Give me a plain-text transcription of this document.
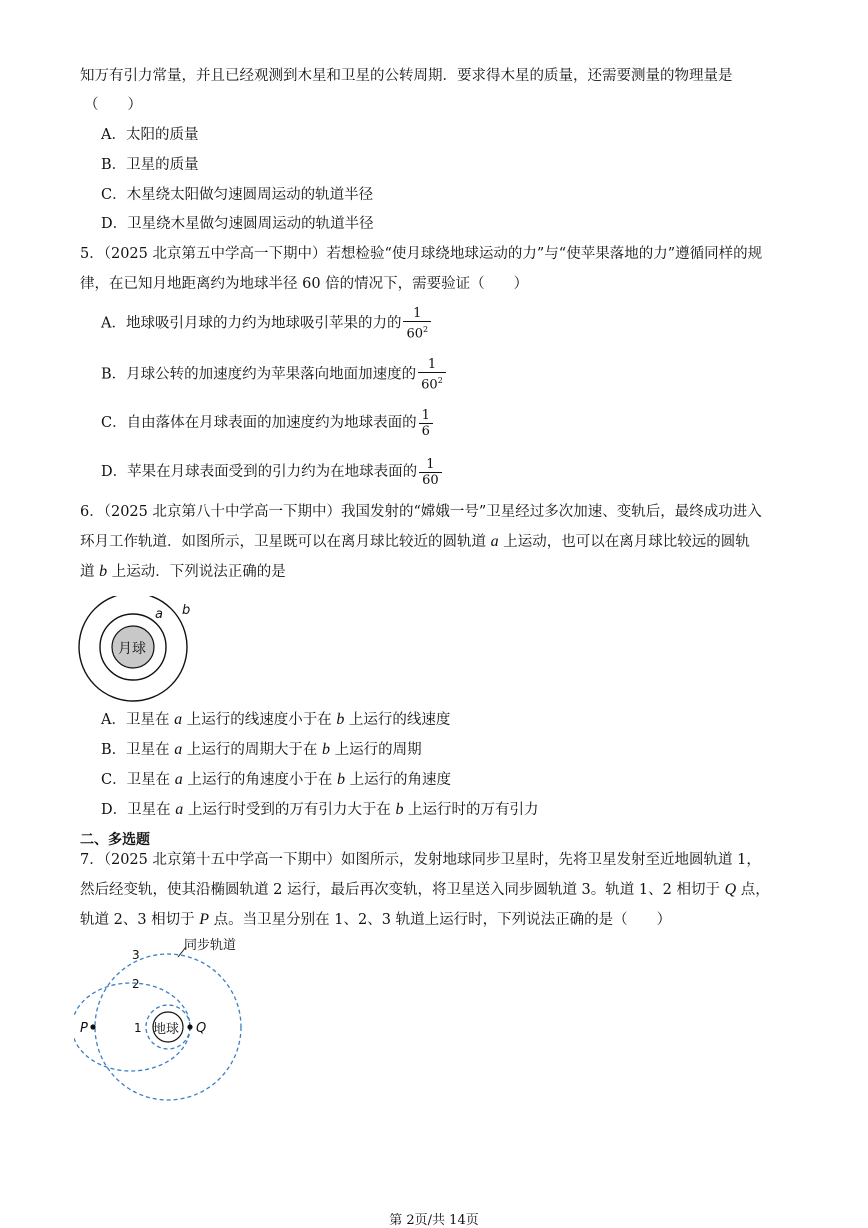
知万有引力常量，并且已经观测到木星和卫星的公转周期．要求得木星的质量，还需要测量的物理量是
（　　）
A．太阳的质量
B．卫星的质量
C．木星绕太阳做匀速圆周运动的轨道半径
D．卫星绕木星做匀速圆周运动的轨道半径
5．（2025 北京第五中学高一下期中）若想检验“使月球绕地球运动的力”与“使苹果落地的力”遵循同样的规
律，在已知月地距离约为地球半径 60 倍的情况下，需要验证（　　）
A．地球吸引月球的力约为地球吸引苹果的力的 $\frac{1}{60^2}$
B．月球公转的加速度约为苹果落向地面加速度的 $\frac{1}{60^2}$
C．自由落体在月球表面的加速度约为地球表面的 $\frac{1}{6}$
D．苹果在月球表面受到的引力约为在地球表面的 $\frac{1}{60}$
6．（2025 北京第八十中学高一下期中）我国发射的“嫦娥一号”卫星经过多次加速、变轨后，最终成功进入
环月工作轨道．如图所示，卫星既可以在离月球比较近的圆轨道 a 上运动，也可以在离月球比较远的圆轨
道 b 上运动．下列说法正确的是
月球
a b
A．卫星在 a 上运行的线速度小于在 b 上运行的线速度
B．卫星在 a 上运行的周期大于在 b 上运行的周期
C．卫星在 a 上运行的角速度小于在 b 上运行的角速度
D．卫星在 a 上运行时受到的万有引力大于在 b 上运行时的万有引力
二、多选题
7．（2025 北京第十五中学高一下期中）如图所示，发射地球同步卫星时，先将卫星发射至近地圆轨道 1，
然后经变轨，使其沿椭圆轨道 2 运行，最后再次变轨，将卫星送入同步圆轨道 3。轨道 1、2 相切于 Q 点，
轨道 2、3 相切于 P 点。当卫星分别在 1、2、3 轨道上运行时，下列说法正确的是（　　）
地球
P	Q
1
2
3
同步轨道
第 2页/共 14页
